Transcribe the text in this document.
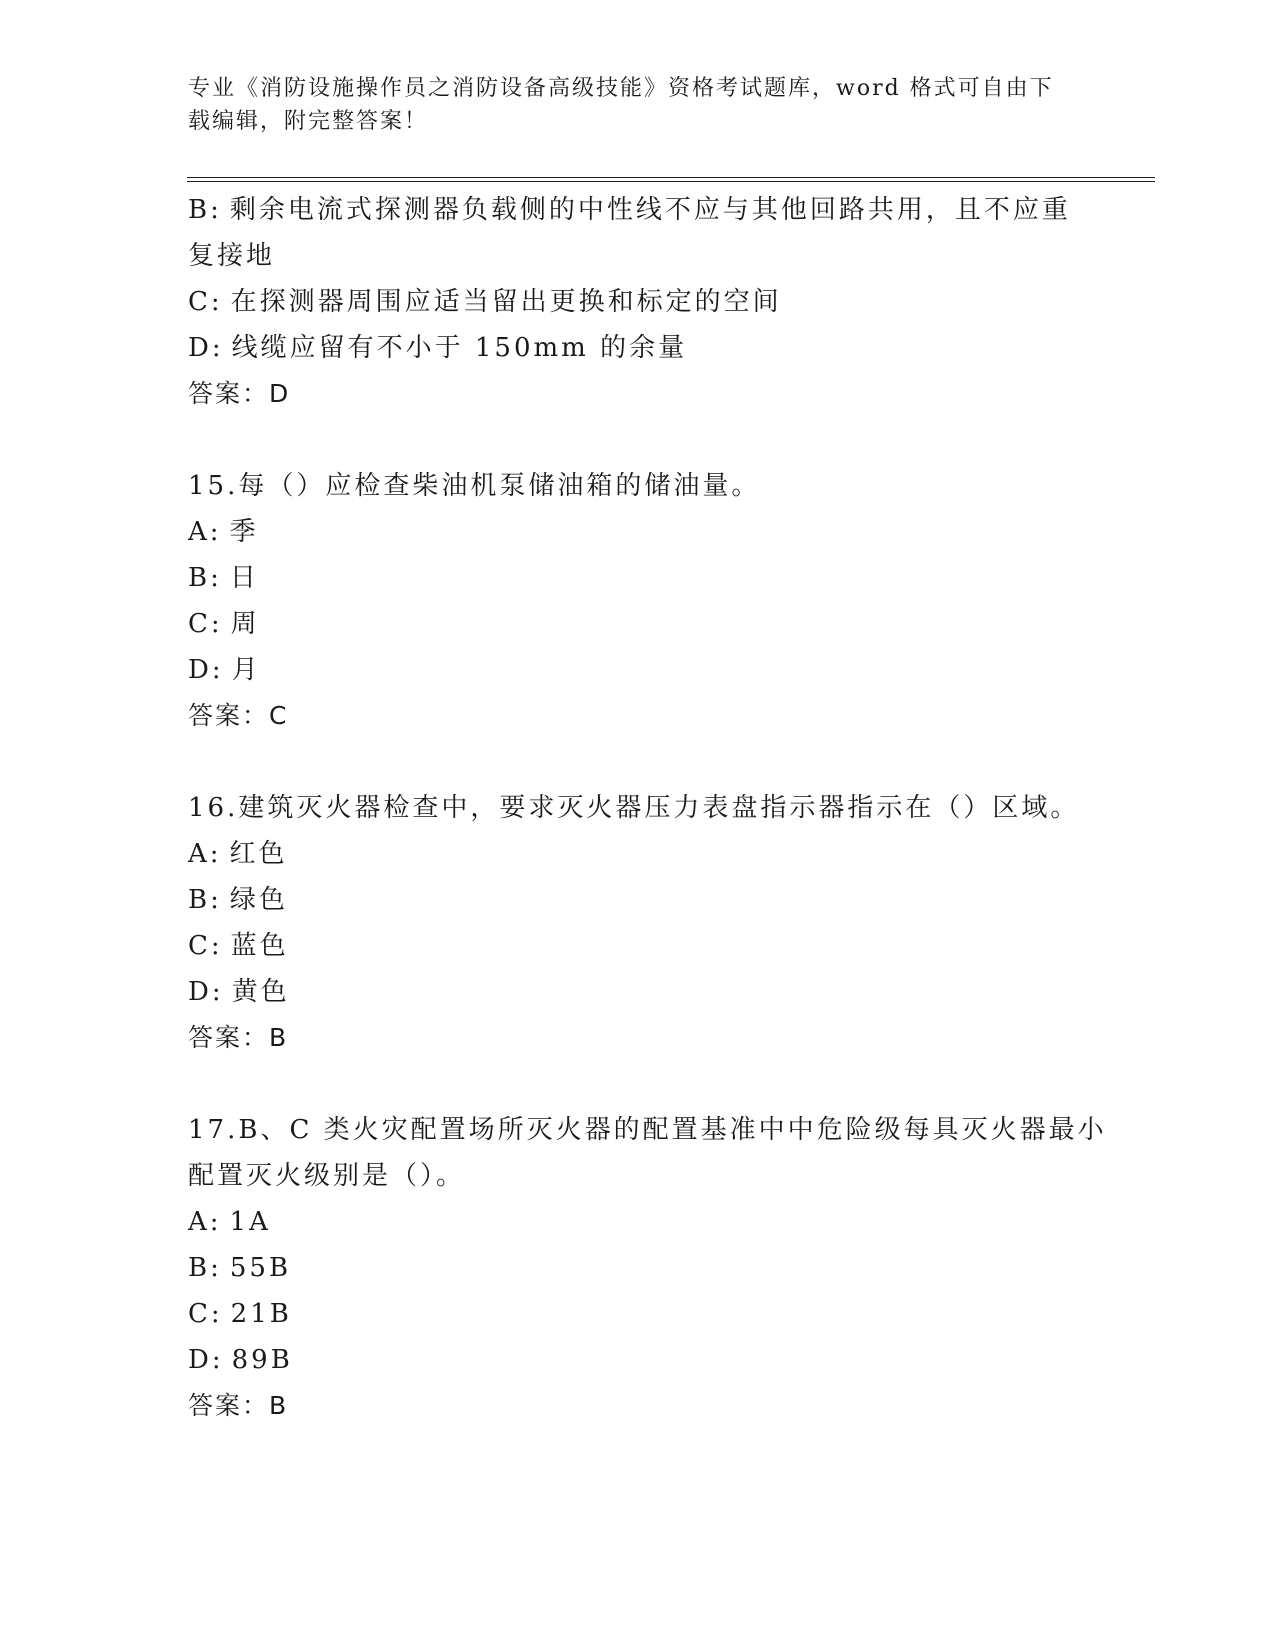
专业《消防设施操作员之消防设备高级技能》资格考试题库，word 格式可自由下
载编辑，附完整答案！
B: 剩余电流式探测器负载侧的中性线不应与其他回路共用，且不应重
复接地
C: 在探测器周围应适当留出更换和标定的空间
D: 线缆应留有不小于 150mm 的余量
答案：D
15.每（）应检查柴油机泵储油箱的储油量。
A: 季
B: 日
C: 周
D: 月
答案：C
16.建筑灭火器检查中，要求灭火器压力表盘指示器指示在（）区域。
A: 红色
B: 绿色
C: 蓝色
D: 黄色
答案：B
17.B、C 类火灾配置场所灭火器的配置基准中中危险级每具灭火器最小
配置灭火级别是（）。
A: 1A
B: 55B
C: 21B
D: 89B
答案：B
